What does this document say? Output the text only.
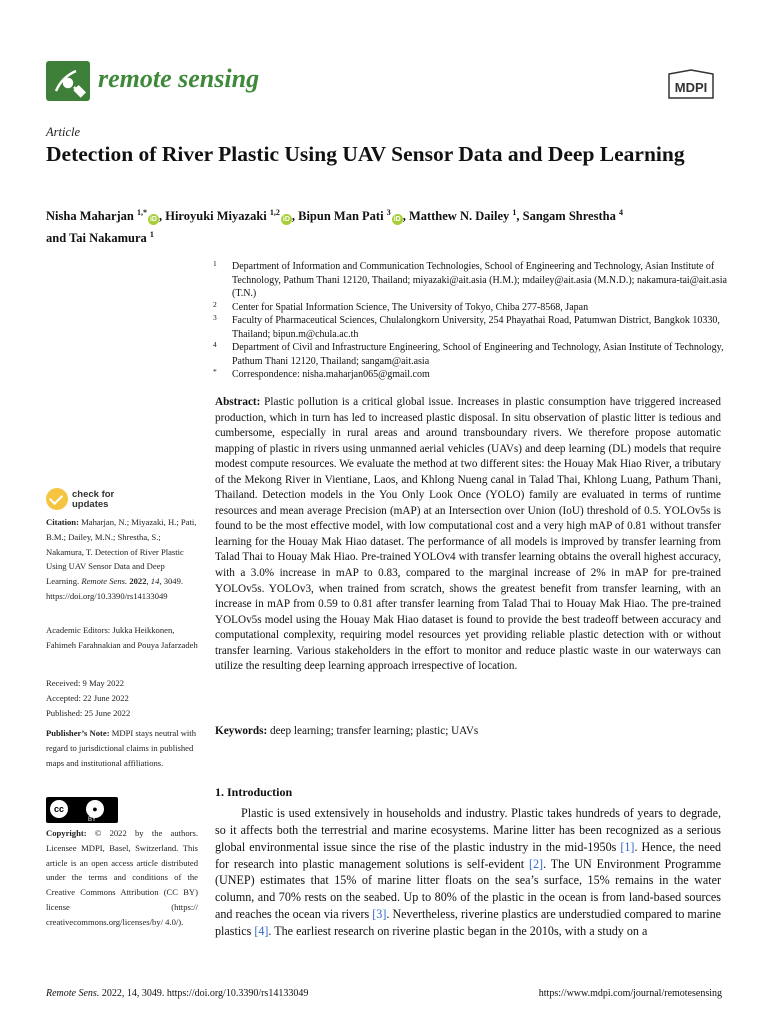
remote sensing	MDPI
Article
Detection of River Plastic Using UAV Sensor Data and Deep Learning
Nisha Maharjan $^{1,*}$iD , Hiroyuki Miyazaki $^{1,2}$iD , Bipun Man Pati $^3$iD , Matthew N. Dailey $^1$, Sangam Shrestha $^4$
and Tai Nakamura $^1$
1 Department of Information and Communication Technologies, School of Engineering and Technology, Asian Institute of Technology, Pathum Thani 12120, Thailand; miyazaki@ait.asia (H.M.); mdailey@ait.asia (M.N.D.); nakamura-tai@ait.asia (T.N.)
2 Center for Spatial Information Science, The University of Tokyo, Chiba 277-8568, Japan
3 Faculty of Pharmaceutical Sciences, Chulalongkorn University, 254 Phayathai Road, Patumwan District, Bangkok 10330, Thailand; bipun.m@chula.ac.th
4 Department of Civil and Infrastructure Engineering, School of Engineering and Technology, Asian Institute of Technology, Pathum Thani 12120, Thailand; sangam@ait.asia
* Correspondence: nisha.maharjan065@gmail.com
Abstract: Plastic pollution is a critical global issue. Increases in plastic consumption have triggered increased production, which in turn has led to increased plastic disposal. In situ observation of plastic litter is tedious and cumbersome, especially in rural areas and around transboundary rivers. We therefore propose automatic mapping of plastic in rivers using unmanned aerial vehicles (UAVs) and deep learning (DL) models that require modest compute resources. We evaluate the method at two different sites: the Houay Mak Hiao River, a tributary of the Mekong River in Vientiane, Laos, and Khlong Nueng canal in Talad Thai, Khlong Luang, Pathum Thani, Thailand. Detection models in the You Only Look Once (YOLO) family are evaluated in terms of runtime resources and mean average Precision (mAP) at an Intersection over Union (IoU) threshold of 0.5. YOLOv5s is found to be the most effective model, with low computational cost and a very high mAP of 0.81 without transfer learning for the Houay Mak Hiao dataset. The performance of all models is improved by transfer learning from Talad Thai to Houay Mak Hiao. Pre-trained YOLOv4 with transfer learning obtains the overall highest accuracy, with a 3.0% increase in mAP to 0.83, compared to the marginal increase of 2% in mAP for pre-trained YOLOv5s. YOLOv3, when trained from scratch, shows the greatest benefit from transfer learning, with an increase in mAP from 0.59 to 0.81 after transfer learning from Talad Thai to Houay Mak Hiao. The pre-trained YOLOv5s model using the Houay Mak Hiao dataset is found to provide the best tradeoff between accuracy and computational complexity, requiring model resources yet providing reliable plastic detection with or without transfer learning. Various stakeholders in the effort to monitor and reduce plastic waste in our waterways can utilize the resulting deep learning approach irrespective of location.
Keywords: deep learning; transfer learning; plastic; UAVs
check for
updates
Citation: Maharjan, N.; Miyazaki, H.; Pati, B.M.; Dailey, M.N.; Shrestha, S.; Nakamura, T. Detection of River Plastic Using UAV Sensor Data and Deep Learning. Remote Sens. 2022, 14, 3049. https://doi.org/10.3390/rs14133049
Academic Editors: Jukka Heikkonen, Fahimeh Farahnakian and Pouya Jafarzadeh
Received: 9 May 2022
Accepted: 22 June 2022
Published: 25 June 2022
Publisher’s Note: MDPI stays neutral with regard to jurisdictional claims in published maps and institutional affiliations.
cc	●
BY
Copyright: © 2022 by the authors. Licensee MDPI, Basel, Switzerland. This article is an open access article distributed under the terms and conditions of the Creative Commons Attribution (CC BY) license (https:// creativecommons.org/licenses/by/ 4.0/).
1. Introduction
Plastic is used extensively in households and industry. Plastic takes hundreds of years to degrade, so it affects both the terrestrial and marine ecosystems. Marine litter has been recognized as a serious global environmental issue since the rise of the plastic industry in the mid-1950s [1]. Hence, the need for research into plastic management solutions is self-evident [2]. The UN Environment Programme (UNEP) estimates that 15% of marine litter floats on the sea’s surface, 15% remains in the water column, and 70% rests on the seabed. Up to 80% of the plastic in the ocean is from land-based sources and reaches the ocean via rivers [3]. Nevertheless, riverine plastics are understudied compared to marine plastics [4]. The earliest research on riverine plastic began in the 2010s, with a study on a
Remote Sens. 2022, 14, 3049. https://doi.org/10.3390/rs14133049	https://www.mdpi.com/journal/remotesensing
